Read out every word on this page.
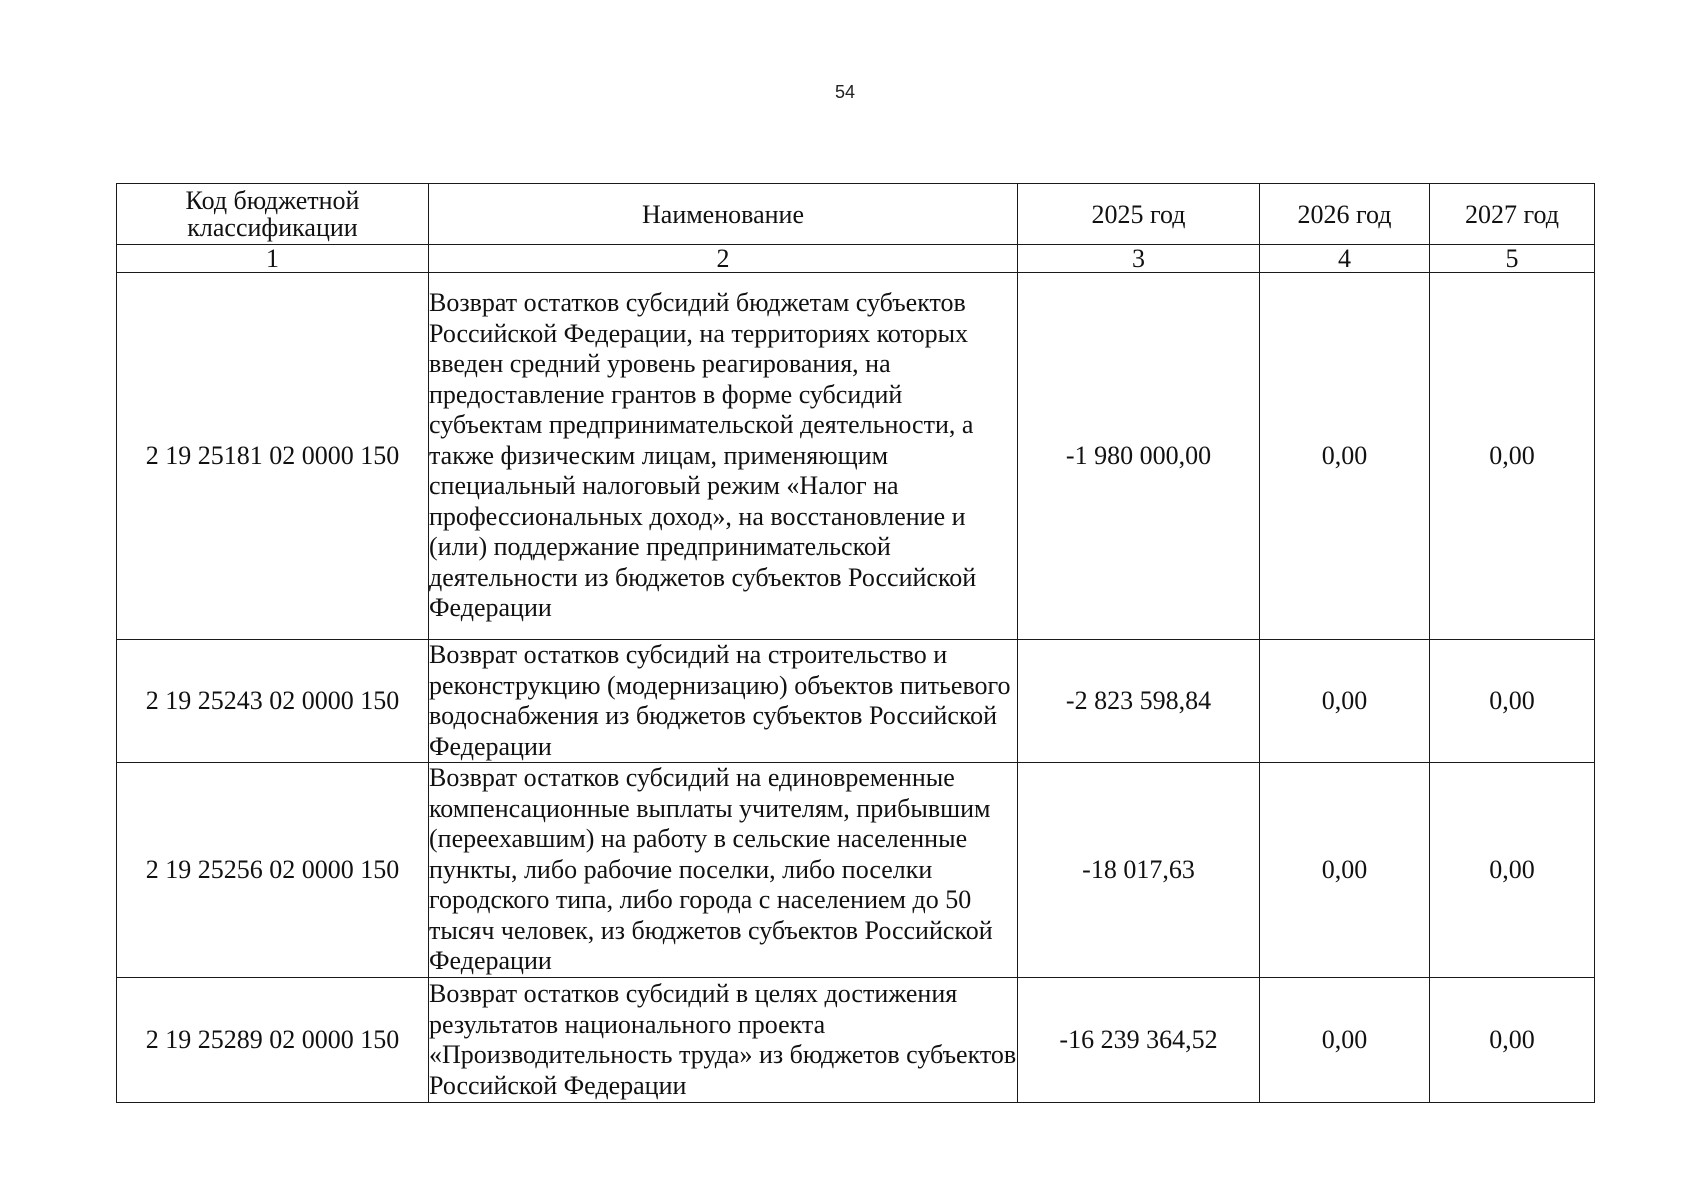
54
Код бюджетной классификации	Наименование	2025 год	2026 год	2027 год
1	2	3	4	5
2 19 25181 02 0000 150	Возврат остатков субсидий бюджетам субъектов Российской Федерации, на территориях которых введен средний уровень реагирования, на предоставление грантов в форме субсидий субъектам предпринимательской деятельности, а также физическим лицам, применяющим специальный налоговый режим «Налог на профессиональных доход», на восстановление и (или) поддержание предпринимательской деятельности из бюджетов субъектов Российской Федерации	-1 980 000,00	0,00	0,00
2 19 25243 02 0000 150	Возврат остатков субсидий на строительство и реконструкцию (модернизацию) объектов питьевого водоснабжения из бюджетов субъектов Российской Федерации	-2 823 598,84	0,00	0,00
2 19 25256 02 0000 150	Возврат остатков субсидий на единовременные компенсационные выплаты учителям, прибывшим (переехавшим) на работу в сельские населенные пункты, либо рабочие поселки, либо поселки городского типа, либо города с населением до 50 тысяч человек, из бюджетов субъектов Российской Федерации	-18 017,63	0,00	0,00
2 19 25289 02 0000 150	Возврат остатков субсидий в целях достижения результатов национального проекта «Производительность труда» из бюджетов субъектов Российской Федерации	-16 239 364,52	0,00	0,00
